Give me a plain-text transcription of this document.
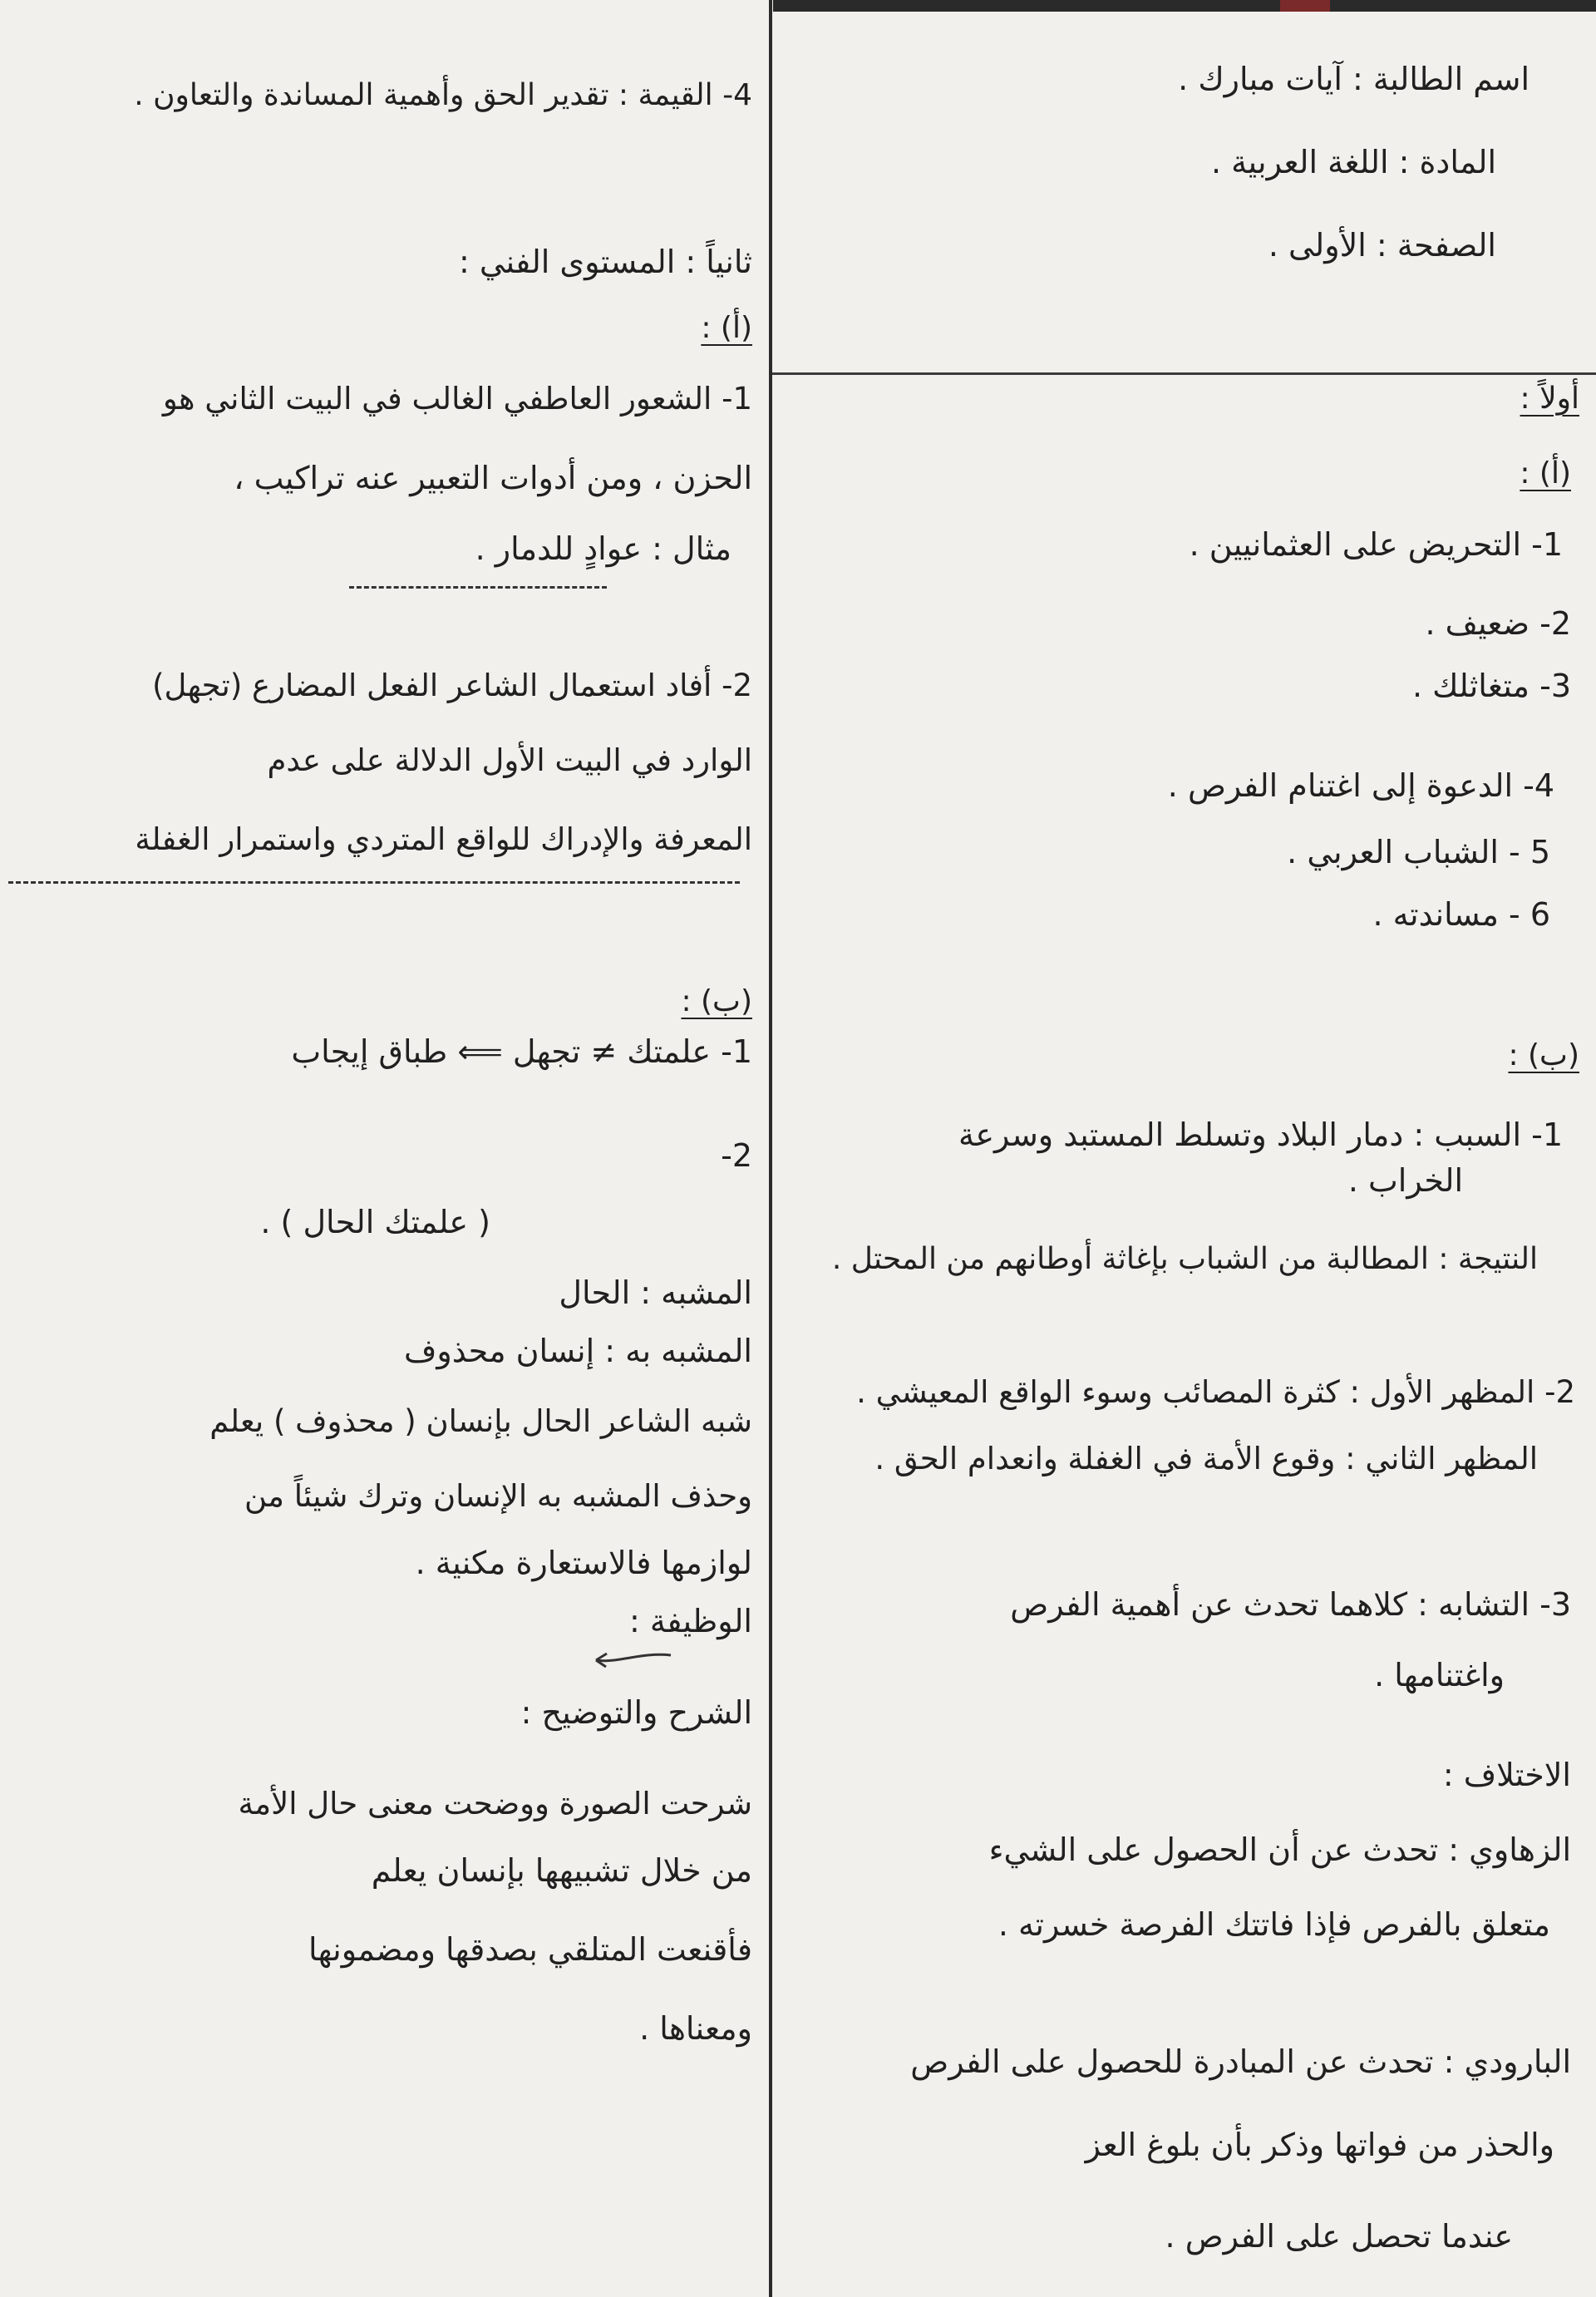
اسم الطالبة : آيات مبارك .
المادة : اللغة العربية .
الصفحة : الأولى .
أولاً :
(أ) :
1- التحريض على العثمانيين .
2- ضعيف .
3- متغاثلك .
4- الدعوة إلى اغتنام الفرص .
5 - الشباب العربي .
6 - مساندته .
(ب) :
1- السبب : دمار البلاد وتسلط المستبد وسرعة
الخراب .
النتيجة : المطالبة من الشباب بإغاثة أوطانهم من المحتل .
2- المظهر الأول : كثرة المصائب وسوء الواقع المعيشي .
المظهر الثاني : وقوع الأمة في الغفلة وانعدام الحق .
3- التشابه : كلاهما تحدث عن أهمية الفرص
واغتنامها .
الاختلاف :
الزهاوي : تحدث عن أن الحصول على الشيء
متعلق بالفرص فإذا فاتتك الفرصة خسرته .
البارودي : تحدث عن المبادرة للحصول على الفرص
والحذر من فواتها وذكر بأن بلوغ العز
عندما تحصل على الفرص .
4- القيمة : تقدير الحق وأهمية المساندة والتعاون .
ثانياً : المستوى الفني :
(أ) :
1- الشعور العاطفي الغالب في البيت الثاني هو
الحزن ، ومن أدوات التعبير عنه تراكيب ،
مثال : عوادٍ للدمار .
2- أفاد استعمال الشاعر الفعل المضارع (تجهل)
الوارد في البيت الأول الدلالة على عدم
المعرفة والإدراك للواقع المتردي واستمرار الغفلة
(ب) :
1- علمتك ≠ تجهل ⟸ طباق إيجاب
2-
( علمتك الحال ) .
المشبه : الحال
المشبه به : إنسان محذوف
شبه الشاعر الحال بإنسان ( محذوف ) يعلم
وحذف المشبه به الإنسان وترك شيئاً من
لوازمها فالاستعارة مكنية .
الوظيفة :
الشرح والتوضيح :
شرحت الصورة ووضحت معنى حال الأمة
من خلال تشبيهها بإنسان يعلم
فأقنعت المتلقي بصدقها ومضمونها
ومعناها .
